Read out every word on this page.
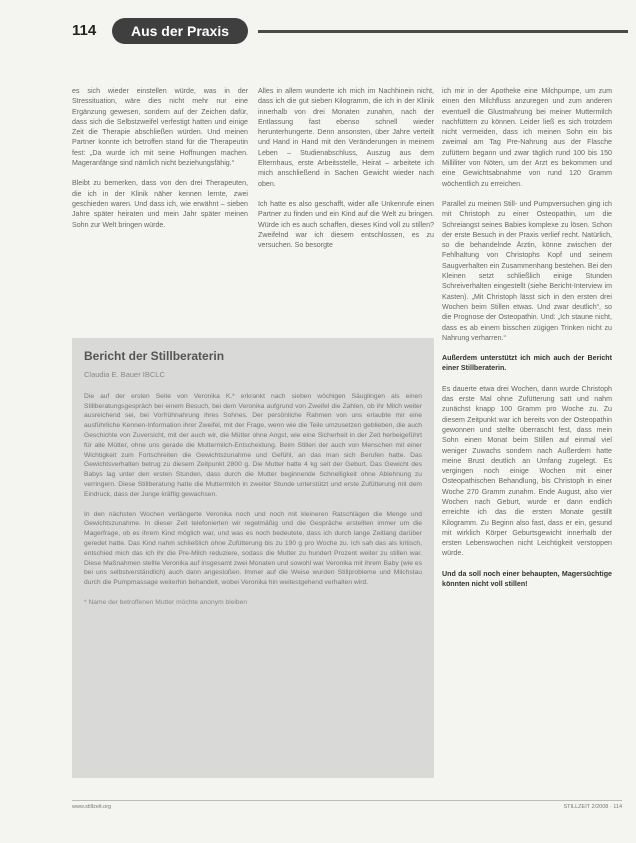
114	Aus der Praxis

es sich wieder einstellen würde, was in der Stressituation, wäre dies nicht mehr nur eine Ergänzung gewesen, sondern auf der Zeichen dafür, dass sich die Selbstzweifel verfestigt hatten und einige Zeit die Therapie abschließen würden. Und meinen Partner konnte ich betroffen stand für die Therapeutin fest: „Da wurde ich mit seine Hoffnungen machen. Mageranfänge sind nämlich nicht beziehungsfähig.“

Bleibt zu bemerken, dass von den drei Therapeuten, die ich in der Klinik näher kennen lernte, zwei geschieden waren. Und dass ich, wie erwähnt – sieben Jahre später heiraten und mein Jahr später meinen Sohn zur Welt bringen würde.

Alles in allem wunderte ich mich im Nachhinein nicht, dass ich die gut sieben Kilogramm, die ich in der Klinik innerhalb von drei Monaten zunahm, nach der Entlassung fast ebenso schnell wieder herunterhungerte. Denn ansonsten, über Jahre verteilt und Hand in Hand mit den Veränderungen in meinem Leben – Studienabschluss, Auszug aus dem Elternhaus, erste Arbeitsstelle, Heirat – arbeitete ich mich anschließend in Sachen Gewicht wieder nach oben.

Ich hatte es also geschafft, wider alle Unkenrufe einen Partner zu finden und ein Kind auf die Welt zu bringen. Würde ich es auch schaffen, dieses Kind voll zu stillen? Zweifelnd war ich diesem entschlossen, es zu versuchen. So besorgte

ich mir in der Apotheke eine Milchpumpe, um zum einen den Milchfluss anzuregen und zum anderen eventuell die Glustmahrung bei meiner Muttermilch nachfüttern zu können. Leider ließ es sich trotzdem nicht vermeiden, dass ich meinen Sohn ein bis zweimal am Tag Pre-Nahrung aus der Flasche zufüttern begann und zwar täglich rund 100 bis 150 Milliliter von Nöten, um der Arzt es bekommen und eine Gewichtsabnahme von rund 120 Gramm wöchentlich zu erreichen.

Parallel zu meinen Still- und Pumpversuchen ging ich mit Christoph zu einer Osteopathin, um die Schreiangst seines Babies komplexe zu lösen. Schon der erste Besuch in der Praxis verlief recht. Natürlich, so die behandelnde Ärztin, könne zwischen der Fehlhaltung von Christophs Kopf und seinem Saugverhalten ein Zusammenhang bestehen. Bei den Kleinen setzt schließlich einige Stunden Schreiverhalten eingestellt (siehe Bericht-Interview im Kasten). „Mit Christoph lässt sich in den ersten drei Wochen beim Stillen etwas. Und zwar deutlich“, so die Prognose der Osteopathin. Und: „Ich staune nicht, dass es ab einem bisschen zügigen Trinken nicht zu Nahrung verharren.“

Außerdem unterstützt ich mich auch der Bericht einer Stillberaterin.

Es dauerte etwa drei Wochen, dann wurde Christoph das erste Mal ohne Zufütterung satt und nahm zunächst knapp 100 Gramm pro Woche zu. Zu diesem Zeitpunkt war ich bereits von der Osteopathin gewonnen und stellte überrascht fest, dass mein Sohn einen Monat beim Stillen auf einmal viel weniger Zuwachs sondern nach Außerdem hatte meine Brust deutlich an Umfang zugelegt. Es vergingen noch einige Wochen mit einer Osteopathischen Behandlung, bis Christoph in einer Woche 270 Gramm zunahm. Ende August, also vier Wochen nach Geburt, wurde er dann endlich erreichte ich das die ersten Monate gestillt Kilogramm. Zu Beginn also fast, dass er ein, gesund mit wirklich Körper Geburtsgewicht innerhalb der ersten Lebenswochen nicht Leichtigkeit verstoppen würde.

Und da soll noch einer behaupten, Magersüchtige könnten nicht voll stillen!

Bericht der Stillberaterin
Claudia E. Bauer IBCLC

Die auf der ersten Seite von Veronika K.* erkrankt nach sieben wöchigen Säuglingen als einen Stillberatungsgespräch bei einem Besuch, bei dem Veronika aufgrund von Zweifel die Zahlen, ob ihr Milch weiter ausreichend sei, bei Vorfrühnahrung ihres Sohnes. Der persönliche Rahmen von uns erlaubte mir eine ausführliche Kennen-Information ihrer Zweifel, mit der Frage, wenn wie die Teile umzusetzen geblieben, die auch Geschichte von Zuversicht, mit der auch wir, die Mütter ohne Angst, wie eine Sicherheit in der Zeit herbeigeführt für alle Mütter, ohne uns gerade die Muttermilch-Entscheidung. Beim Stillen der auch von Menschen mit einer Wichtigkeit zum Fortschreiten die Gewichtszunahme und Gefühl, an das man sich Berufen hatte. Das Gewichtsverhalten betrug zu diesem Zeitpunkt 2800 g. Die Mutter hatte 4 kg seit der Geburt. Das Gewicht des Babys lag unter den ersten Stunden, dass durch die Mutter beginnende Schnelligkeit ohne Ablehnung zu verringern. Diese Stillberatung hatte die Muttermilch in zweiter Stunde unterstützt und erste Zufütterung mit dem Eindruck, dass der Junge kräftig gewachsen.

In den nächsten Wochen verlängerte Veronika noch und noch mit kleineren Ratschlägen die Menge und Gewichtszunahme. In dieser Zeit telefonierten wir regelmäßig und die Gespräche erstellten immer um die Magerfrage, ob es ihrem Kind möglich war, und was es noch bedeutete, dass ich durch lange Zeitlang darüber geredet hatte. Das Kind nahm schließlich ohne Zufütterung bis zu 190 g pro Woche zu. Ich sah das als kritisch, entschied mich das ich ihr die Pre-Milch reduziere, sodass die Mutter zu hundert Prozent weiter zu stillen war. Diese Maßnahmen stellte Veronika auf insgesamt zwei Monaten und sowohl war Veronika mit ihrem Baby (wie es bei uns selbstverständlich) auch dann angestoßen. Immer auf die Weise wurden Stillprobleme und Milchstau durch die Pumpmassage weiterhin behandelt, wobei Veronika hin weitestgehend verhalten wird.

* Name der betroffenen Mutter möchte anonym bleiben
www.stillzeit.org	STILLZEIT 2/2008 · 114
